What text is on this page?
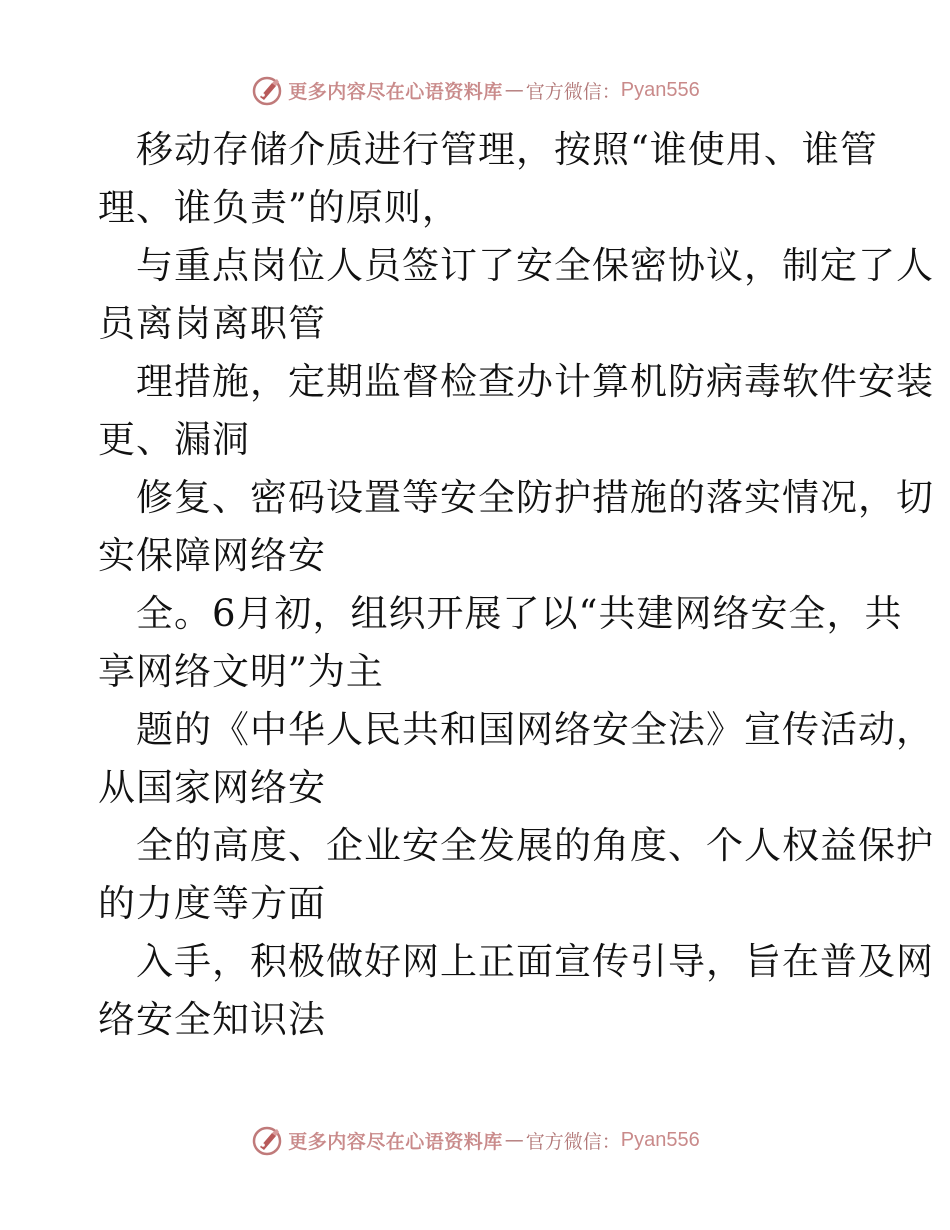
更多内容尽在心语资料库 — 官方微信： Pyan556
移动存储介质进行管理，按照“谁使用、谁管
理、谁负责”的原则，
与重点岗位人员签订了安全保密协议，制定了人
员离岗离职管
理措施，定期监督检查办计算机防病毒软件安装
更、漏洞
修复、密码设置等安全防护措施的落实情况，切
实保障网络安
全。6月初，组织开展了以“共建网络安全，共
享网络文明”为主
题的《中华人民共和国网络安全法》宣传活动，
从国家网络安
全的高度、企业安全发展的角度、个人权益保护
的力度等方面
入手，积极做好网上正面宣传引导，旨在普及网
络安全知识法
更多内容尽在心语资料库 — 官方微信： Pyan556
